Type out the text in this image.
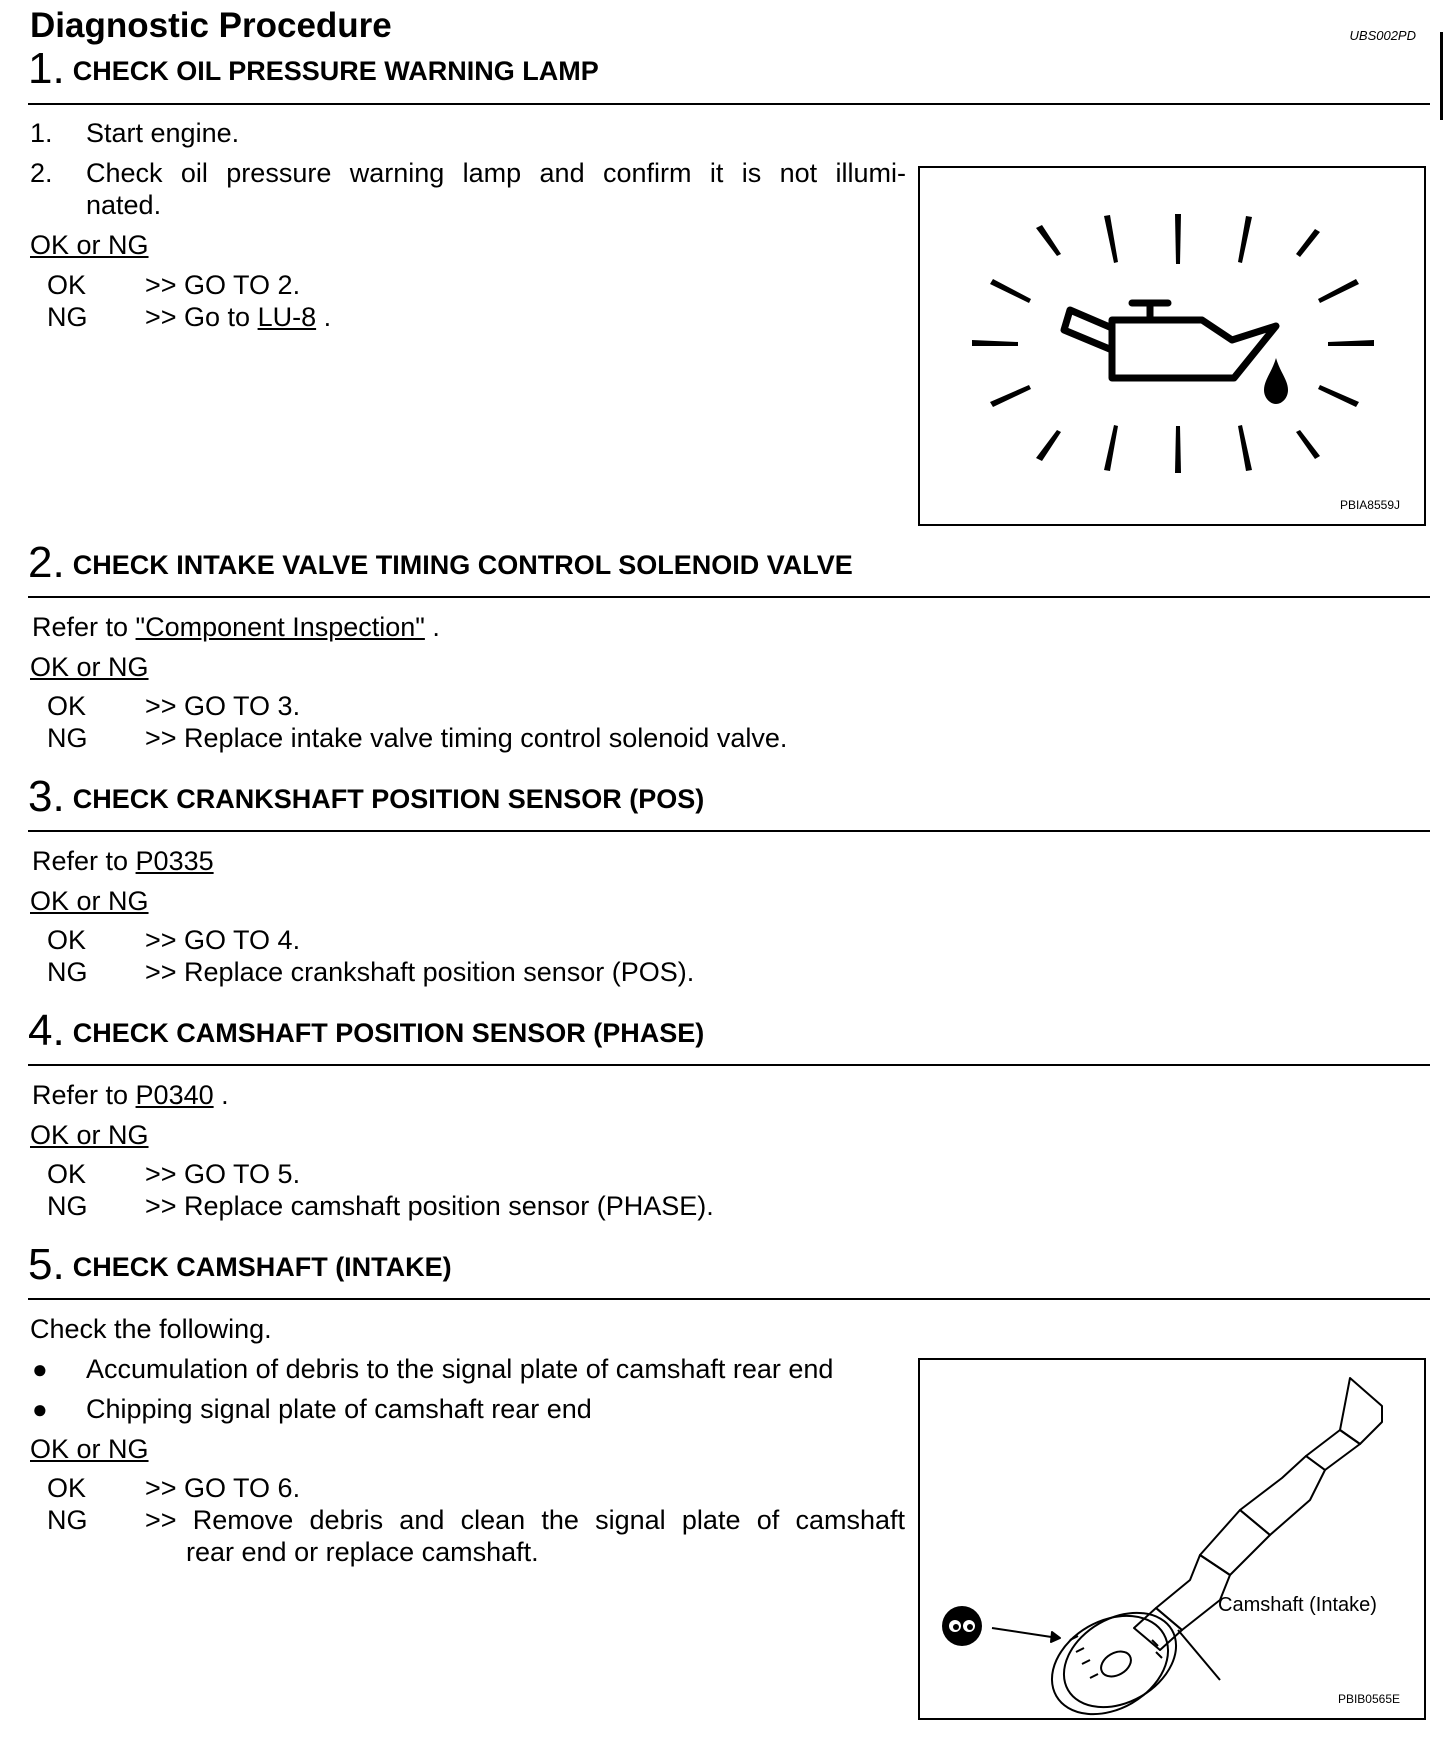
Diagnostic Procedure	UBS002PD
1. CHECK OIL PRESSURE WARNING LAMP
1. Start engine.
2. Check oil pressure warning lamp and confirm it is not illumi-
nated.
OK or NG
OK >> GO TO 2.
NG >> Go to LU-8 .
PBIA8559J
2. CHECK INTAKE VALVE TIMING CONTROL SOLENOID VALVE
Refer to "Component Inspection" .
OK or NG
OK >> GO TO 3.
NG >> Replace intake valve timing control solenoid valve.
3. CHECK CRANKSHAFT POSITION SENSOR (POS)
Refer to P0335
OK or NG
OK >> GO TO 4.
NG >> Replace crankshaft position sensor (POS).
4. CHECK CAMSHAFT POSITION SENSOR (PHASE)
Refer to P0340 .
OK or NG
OK >> GO TO 5.
NG >> Replace camshaft position sensor (PHASE).
5. CHECK CAMSHAFT (INTAKE)
Check the following.
● Accumulation of debris to the signal plate of camshaft rear end
● Chipping signal plate of camshaft rear end
OK or NG
OK >> GO TO 6.
NG >> Remove debris and clean the signal plate of camshaft
rear end or replace camshaft.
Camshaft (Intake)
PBIB0565E
